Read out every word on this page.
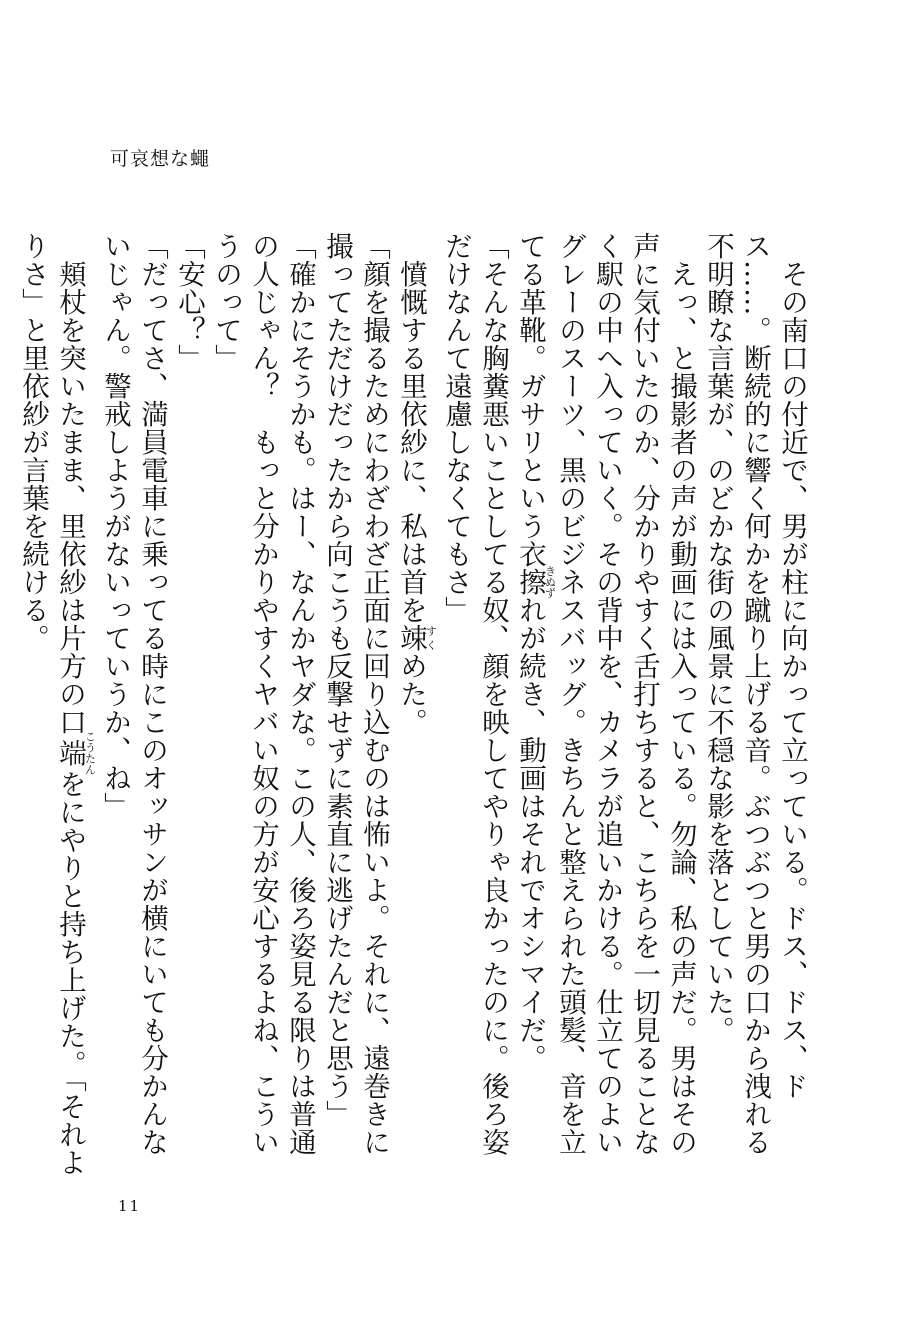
可哀想な蠅

その南口の付近で、男が柱に向かって立っている。ドス、ドス、ドス……。断続的に響く何かを蹴り上げる音。ぶつぶつと男の口から洩れる不明瞭な言葉が、のどかな街の風景に不穏な影を落としていた。

えっ、と撮影者の声が動画には入っている。勿論、私の声だ。男はその声に気付いたのか、分かりやすく舌打ちすると、こちらを一切見ることなく駅の中へ入っていく。その背中を、カメラが追いかける。仕立てのよいグレーのスーツ、黒のビジネスバッグ。きちんと整えられた頭髪、音を立てる革靴。ガサリという衣擦きぬずれが続き、動画はそれでオシマイだ。

「そんな胸糞悪いことしてる奴、顔を映してやりゃ良かったのに。後ろ姿だけなんて遠慮しなくてもさ」

憤慨する里依紗に、私は首を竦すくめた。

「顔を撮るためにわざわざ正面に回り込むのは怖いよ。それに、遠巻きに撮ってただけだったから向こうも反撃せずに素直に逃げたんだと思う」

「確かにそうかも。はー、なんかヤダな。この人、後ろ姿見る限りは普通の人じゃん？　もっと分かりやすくヤバい奴の方が安心するよね、こういうのって」

「安心？」

「だってさ、満員電車に乗ってる時にこのオッサンが横にいても分かんないじゃん。警戒しようがないっていうか、ね」

頬杖を突いたまま、里依紗は片方の口端こうたんをにやりと持ち上げた。「それよりさ」と里依紗が言葉を続ける。

11
